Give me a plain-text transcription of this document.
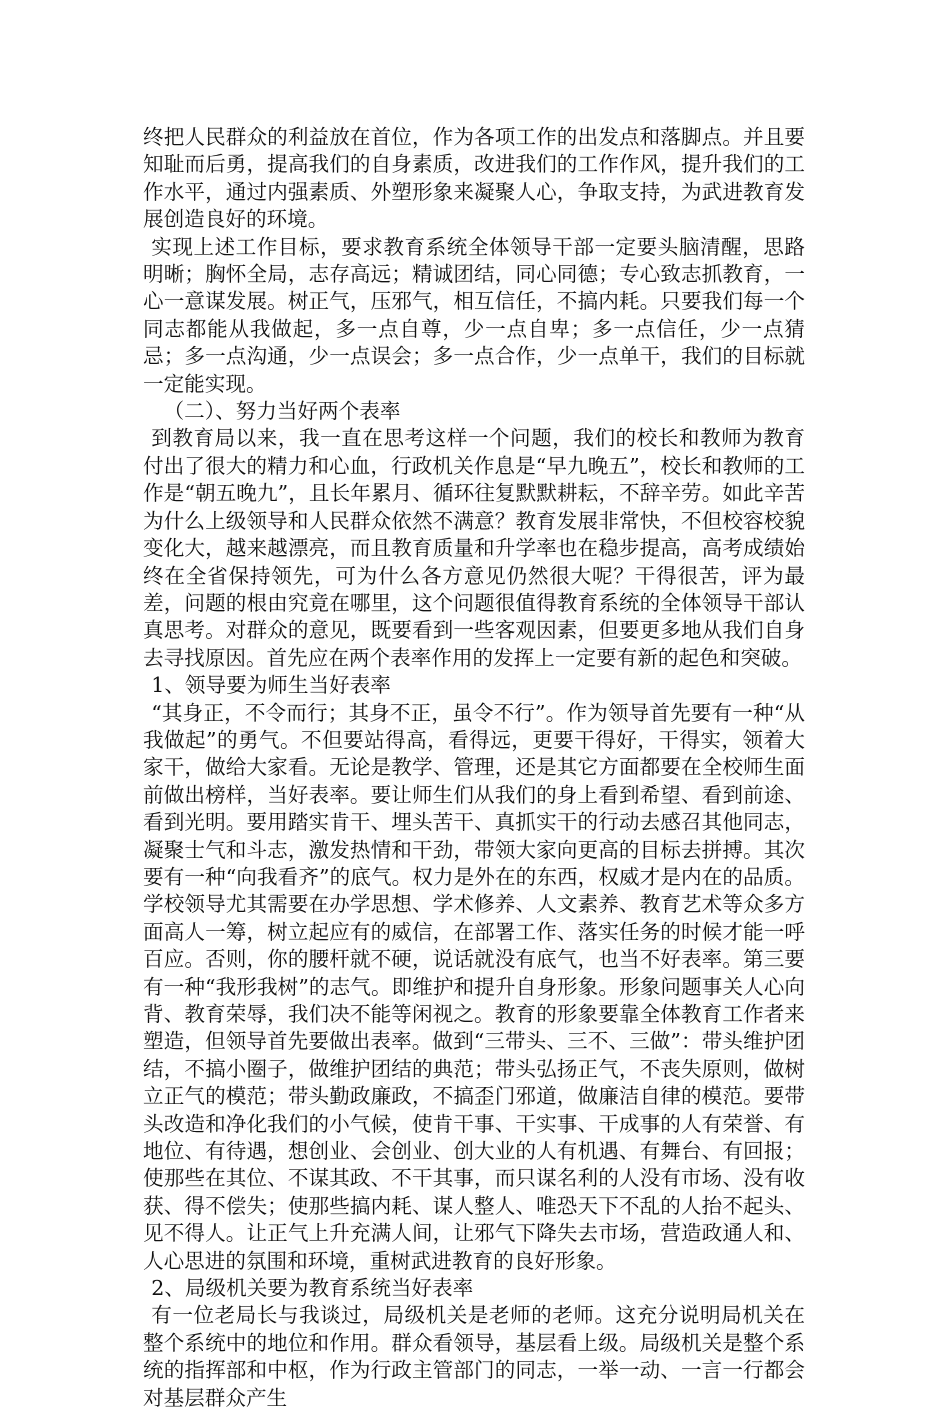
终把人民群众的利益放在首位，作为各项工作的出发点和落脚点。并且要知耻而后勇，提高我们的自身素质，改进我们的工作作风，提升我们的工作水平，通过内强素质、外塑形象来凝聚人心，争取支持，为武进教育发展创造良好的环境。

实现上述工作目标，要求教育系统全体领导干部一定要头脑清醒，思路明晰；胸怀全局，志存高远；精诚团结，同心同德；专心致志抓教育，一心一意谋发展。树正气，压邪气，相互信任，不搞内耗。只要我们每一个同志都能从我做起，多一点自尊，少一点自卑；多一点信任，少一点猜忌；多一点沟通，少一点误会；多一点合作，少一点单干，我们的目标就一定能实现。

（二）、努力当好两个表率

到教育局以来，我一直在思考这样一个问题，我们的校长和教师为教育付出了很大的精力和心血，行政机关作息是“早九晚五”，校长和教师的工作是“朝五晚九”，且长年累月、循环往复默默耕耘，不辞辛劳。如此辛苦为什么上级领导和人民群众依然不满意？教育发展非常快，不但校容校貌变化大，越来越漂亮，而且教育质量和升学率也在稳步提高，高考成绩始终在全省保持领先，可为什么各方意见仍然很大呢？干得很苦，评为最差，问题的根由究竟在哪里，这个问题很值得教育系统的全体领导干部认真思考。对群众的意见，既要看到一些客观因素，但要更多地从我们自身去寻找原因。首先应在两个表率作用的发挥上一定要有新的起色和突破。

1、领导要为师生当好表率

“其身正，不令而行；其身不正，虽令不行”。作为领导首先要有一种“从我做起”的勇气。不但要站得高，看得远，更要干得好，干得实，领着大家干，做给大家看。无论是教学、管理，还是其它方面都要在全校师生面前做出榜样，当好表率。要让师生们从我们的身上看到希望、看到前途、看到光明。要用踏实肯干、埋头苦干、真抓实干的行动去感召其他同志，凝聚士气和斗志，激发热情和干劲，带领大家向更高的目标去拼搏。其次要有一种“向我看齐”的底气。权力是外在的东西，权威才是内在的品质。学校领导尤其需要在办学思想、学术修养、人文素养、教育艺术等众多方面高人一筹，树立起应有的威信，在部署工作、落实任务的时候才能一呼百应。否则，你的腰杆就不硬，说话就没有底气，也当不好表率。第三要有一种“我形我树”的志气。即维护和提升自身形象。形象问题事关人心向背、教育荣辱，我们决不能等闲视之。教育的形象要靠全体教育工作者来塑造，但领导首先要做出表率。做到“三带头、三不、三做”：带头维护团结，不搞小圈子，做维护团结的典范；带头弘扬正气，不丧失原则，做树立正气的模范；带头勤政廉政，不搞歪门邪道，做廉洁自律的模范。要带头改造和净化我们的小气候，使肯干事、干实事、干成事的人有荣誉、有地位、有待遇，想创业、会创业、创大业的人有机遇、有舞台、有回报；使那些在其位、不谋其政、不干其事，而只谋名利的人没有市场、没有收获、得不偿失；使那些搞内耗、谋人整人、唯恐天下不乱的人抬不起头、见不得人。让正气上升充满人间，让邪气下降失去市场，营造政通人和、人心思进的氛围和环境，重树武进教育的良好形象。

2、局级机关要为教育系统当好表率

有一位老局长与我谈过，局级机关是老师的老师。这充分说明局机关在整个系统中的地位和作用。群众看领导，基层看上级。局级机关是整个系统的指挥部和中枢，作为行政主管部门的同志，一举一动、一言一行都会对基层群众产生
